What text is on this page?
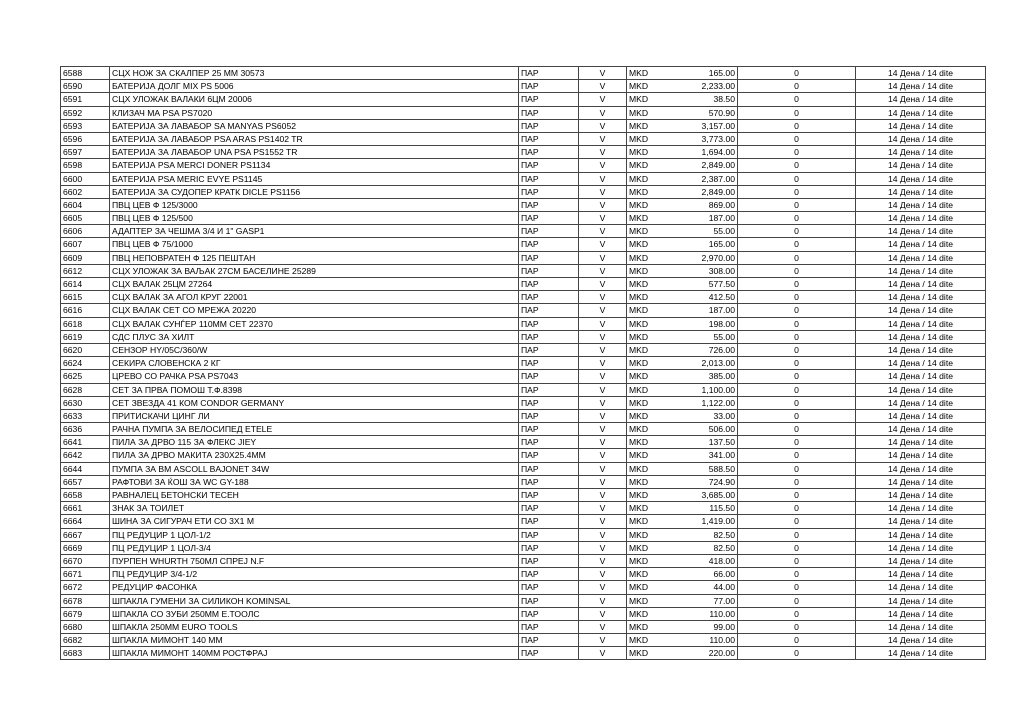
6588	СЦХ НОЖ ЗА СКАЛПЕР 25 ММ 30573	ПАР	V	MKD	165.00	0	14 Дена / 14 dite
6590	БАТЕРИЈА ДОЛГ MIX PS 5006	ПАР	V	MKD	2,233.00	0	14 Дена / 14 dite
6591	СЦХ УЛОЖАК ВАЛАКИ 6ЦМ 20006	ПАР	V	MKD	38.50	0	14 Дена / 14 dite
6592	КЛИЗАЧ МА PSA PS7020	ПАР	V	MKD	570.90	0	14 Дена / 14 dite
6593	БАТЕРИЈА ЗА ЛАВАБОР SA MANYAS PS6052	ПАР	V	MKD	3,157.00	0	14 Дена / 14 dite
6596	БАТЕРИЈА ЗА ЛАВАБОР PSA ARAS PS1402 TR	ПАР	V	MKD	3,773.00	0	14 Дена / 14 dite
6597	БАТЕРИЈА ЗА ЛАВАБОР UNA PSA PS1552 TR	ПАР	V	MKD	1,694.00	0	14 Дена / 14 dite
6598	БАТЕРИЈА PSA MERCI DONER PS1134	ПАР	V	MKD	2,849.00	0	14 Дена / 14 dite
6600	БАТЕРИЈА PSA MERIC EVYE PS1145	ПАР	V	MKD	2,387.00	0	14 Дена / 14 dite
6602	БАТЕРИЈА ЗА СУДОПЕР КРАТК DICLE PS1156	ПАР	V	MKD	2,849.00	0	14 Дена / 14 dite
6604	ПВЦ ЦЕВ Ф 125/3000	ПАР	V	MKD	869.00	0	14 Дена / 14 dite
6605	ПВЦ ЦЕВ Ф 125/500	ПАР	V	MKD	187.00	0	14 Дена / 14 dite
6606	АДАПТЕР ЗА ЧЕШМА 3/4 И 1" GASP1	ПАР	V	MKD	55.00	0	14 Дена / 14 dite
6607	ПВЦ ЦЕВ Ф 75/1000	ПАР	V	MKD	165.00	0	14 Дена / 14 dite
6609	ПВЦ НЕПОВРАТЕН Ф 125 ПЕШТАН	ПАР	V	MKD	2,970.00	0	14 Дена / 14 dite
6612	СЦХ УЛОЖАК ЗА ВАЉАК 27СМ БАСЕЛИНЕ 25289	ПАР	V	MKD	308.00	0	14 Дена / 14 dite
6614	СЦХ ВАЛАК 25ЦМ 27264	ПАР	V	MKD	577.50	0	14 Дена / 14 dite
6615	СЦХ ВАЛАК ЗА АГОЛ КРУГ 22001	ПАР	V	MKD	412.50	0	14 Дена / 14 dite
6616	СЦХ ВАЛАК СЕТ СО МРЕЖА 20220	ПАР	V	MKD	187.00	0	14 Дена / 14 dite
6618	СЦХ ВАЛАК СУНЃЕР 110ММ СЕТ 22370	ПАР	V	MKD	198.00	0	14 Дена / 14 dite
6619	СДС ПЛУС ЗА ХИЛТ	ПАР	V	MKD	55.00	0	14 Дена / 14 dite
6620	СЕНЗОР HY/05C/360/W	ПАР	V	MKD	726.00	0	14 Дена / 14 dite
6624	СЕКИРА СЛОВЕНСКА 2 КГ	ПАР	V	MKD	2,013.00	0	14 Дена / 14 dite
6625	ЦРЕВО СО РАЧКА PSA PS7043	ПАР	V	MKD	385.00	0	14 Дена / 14 dite
6628	СЕТ ЗА ПРВА ПОМОШ Т.Ф.8398	ПАР	V	MKD	1,100.00	0	14 Дена / 14 dite
6630	СЕТ ЗВЕЗДА 41 КОМ CONDOR GERMANY	ПАР	V	MKD	1,122.00	0	14 Дена / 14 dite
6633	ПРИТИСКАЧИ ЦИНГ ЛИ	ПАР	V	MKD	33.00	0	14 Дена / 14 dite
6636	РАЧНА ПУМПА ЗА ВЕЛОСИПЕД ETELE	ПАР	V	MKD	506.00	0	14 Дена / 14 dite
6641	ПИЛА ЗА ДРВО 115 ЗА ФЛЕКС JIEY	ПАР	V	MKD	137.50	0	14 Дена / 14 dite
6642	ПИЛА ЗА ДРВО МАКИТА 230Х25.4ММ	ПАР	V	MKD	341.00	0	14 Дена / 14 dite
6644	ПУМПА ЗА ВМ ASCOLL BAJONET 34W	ПАР	V	MKD	588.50	0	14 Дена / 14 dite
6657	РАФТОВИ ЗА ЌОШ ЗА WC GY-188	ПАР	V	MKD	724.90	0	14 Дена / 14 dite
6658	РАВНАЛЕЦ БЕТОНСКИ ТЕСЕН	ПАР	V	MKD	3,685.00	0	14 Дена / 14 dite
6661	ЗНАК ЗА ТОИЛЕТ	ПАР	V	MKD	115.50	0	14 Дена / 14 dite
6664	ШИНА ЗА СИГУРАЧ ЕТИ СО 3Х1 М	ПАР	V	MKD	1,419.00	0	14 Дена / 14 dite
6667	ПЦ РЕДУЦИР 1 ЦОЛ-1/2	ПАР	V	MKD	82.50	0	14 Дена / 14 dite
6669	ПЦ РЕДУЦИР 1 ЦОЛ-3/4	ПАР	V	MKD	82.50	0	14 Дена / 14 dite
6670	ПУРПЕН WHURTH 750МЛ СПРЕЈ N.F	ПАР	V	MKD	418.00	0	14 Дена / 14 dite
6671	ПЦ РЕДУЦИР 3/4-1/2	ПАР	V	MKD	66.00	0	14 Дена / 14 dite
6672	РЕДУЦИР ФАСОНКА	ПАР	V	MKD	44.00	0	14 Дена / 14 dite
6678	ШПАКЛА ГУМЕНИ ЗА СИЛИКОН KOMINSAL	ПАР	V	MKD	77.00	0	14 Дена / 14 dite
6679	ШПАКЛА СО ЗУБИ 250ММ Е.ТООЛС	ПАР	V	MKD	110.00	0	14 Дена / 14 dite
6680	ШПАКЛА 250ММ EURO TOOLS	ПАР	V	MKD	99.00	0	14 Дена / 14 dite
6682	ШПАКЛА МИМОНТ 140 ММ	ПАР	V	MKD	110.00	0	14 Дена / 14 dite
6683	ШПАКЛА МИМОНТ 140ММ РОСТФРАЈ	ПАР	V	MKD	220.00	0	14 Дена / 14 dite
